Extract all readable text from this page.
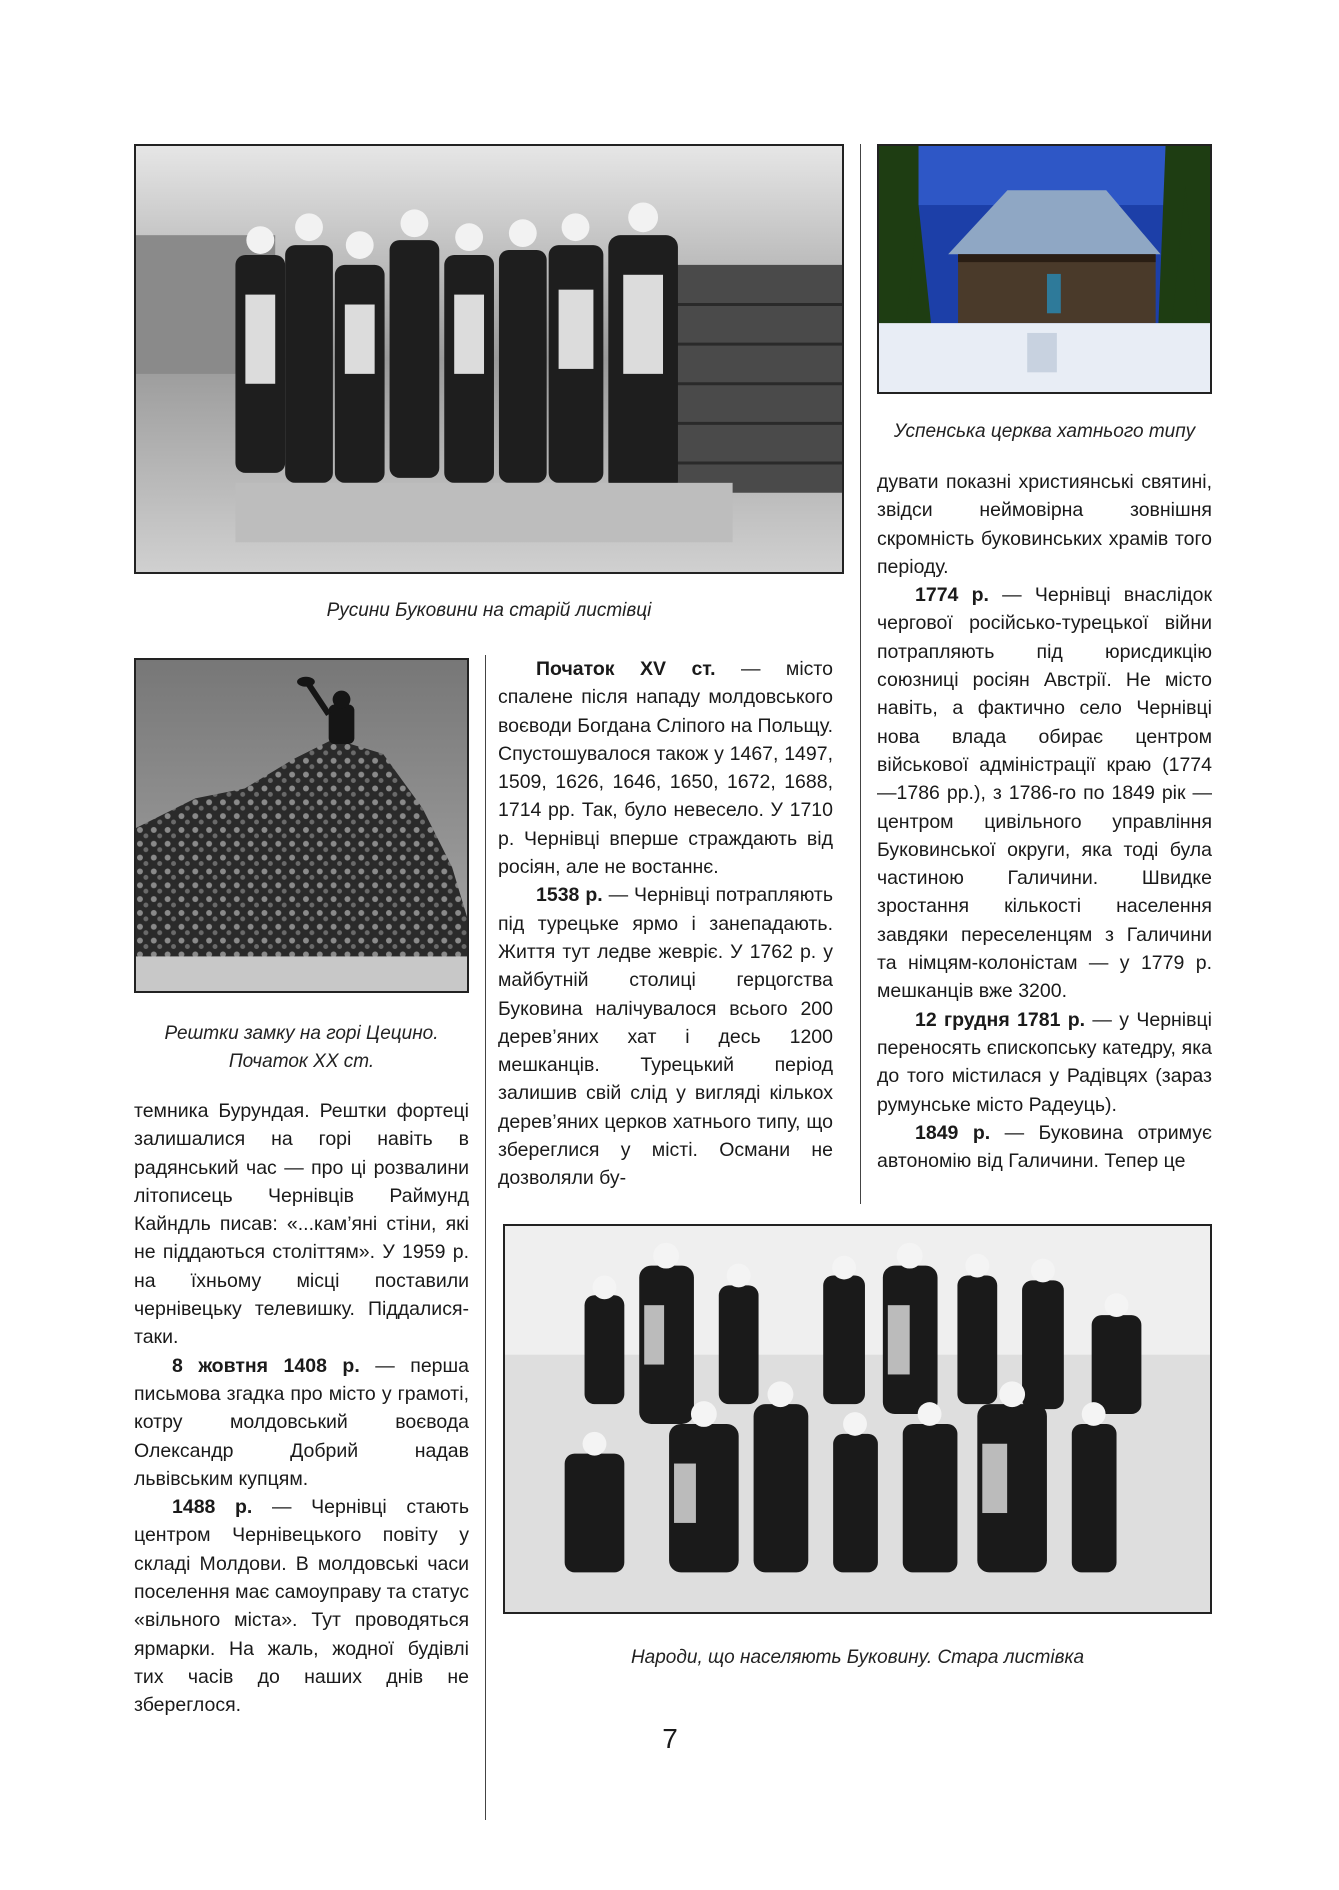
Русини Буковини на старій листівці
Успенська церква хатнього типу
Рештки замку на горі Цецино.
Початок ХХ ст.

темника Бурундая. Рештки фортеці залишалися на горі навіть в радянський час — про ці розвалини літописець Чернівців Раймунд Кайндль писав: «...кам’яні стіни, які не піддаються століттям». У 1959 р. на їхньому місці поставили чернівецьку телевишку. Піддалися-таки.

8 жовтня 1408 р. — перша письмова згадка про місто у грамоті, котру молдовський воєвода Олександр Добрий надав львівським купцям.

1488 р. — Чернівці стають центром Чернівецького повіту у складі Молдови. В молдовські часи поселення має самоуправу та статус «вільного міста». Тут проводяться ярмарки. На жаль, жодної будівлі тих часів до наших днів не збереглося.

Початок XV ст. — місто спалене після нападу молдовського воєводи Богдана Сліпого на Польщу. Спустошувалося також у 1467, 1497, 1509, 1626, 1646, 1650, 1672, 1688, 1714 рр. Так, було невесело. У 1710 р. Чернівці вперше страждають від росіян, але не востаннє.

1538 р. — Чернівці потрапляють під турецьке ярмо і занепадають. Життя тут ледве жевріє. У 1762 р. у майбутній столиці герцогства Буковина налічувалося всього 200 дерев’яних хат і десь 1200 мешканців. Турецький період залишив свій слід у вигляді кількох дерев’яних церков хатнього типу, що збереглися у місті. Османи не дозволяли бу-

дувати показні християнські святині, звідси неймовірна зовнішня скромність буковинських храмів того періоду.

1774 р. — Чернівці внаслідок чергової російсько-турецької війни потрапляють під юрисдикцію союзниці росіян Австрії. Не місто навіть, а фактично село Чернівці нова влада обирає центром військової адміністрації краю (1774—1786 рр.), з 1786-го по 1849 рік — центром цивільного управління Буковинської округи, яка тоді була частиною Галичини. Швидке зростання кількості населення завдяки переселенцям з Галичини та німцям-колоністам — у 1779 р. мешканців вже 3200.

12 грудня 1781 р. — у Чернівці переносять єпископську катедру, яка до того містилася у Радівцях (зараз румунське місто Радеуць).

1849 р. — Буковина отримує автономію від Галичини. Тепер це

Народи, що населяють Буковину. Стара листівка
7
